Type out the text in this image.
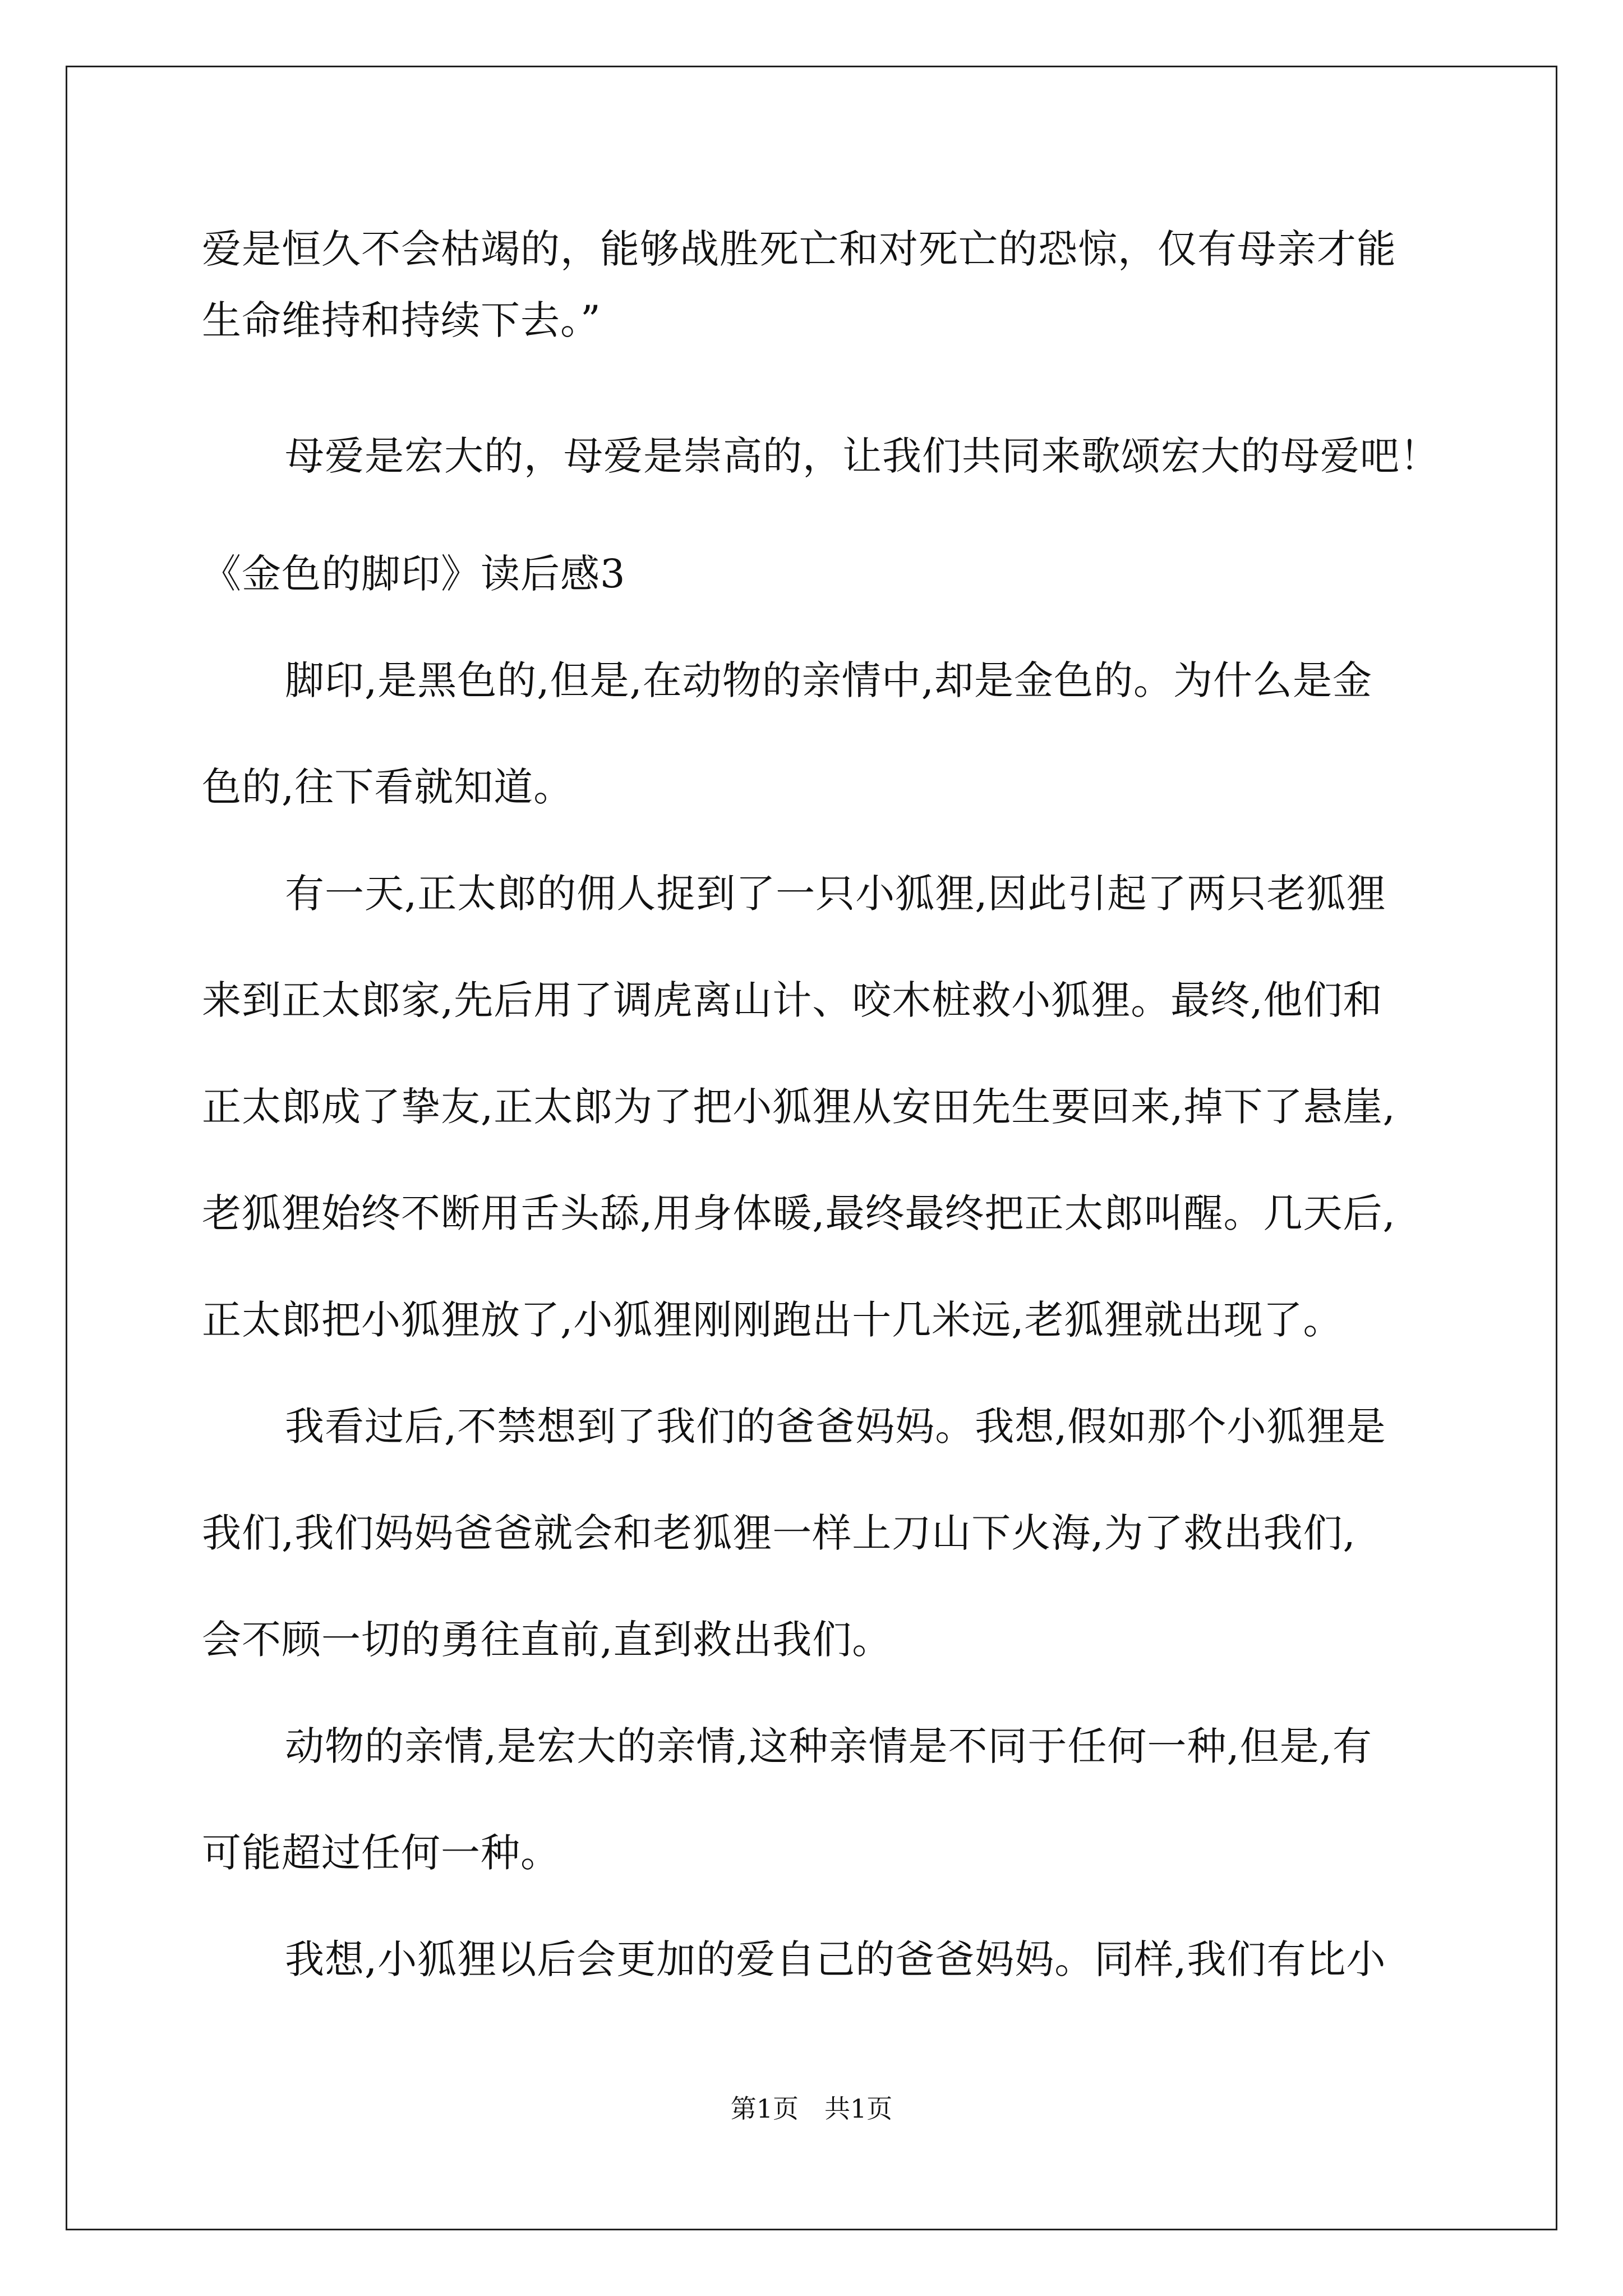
爱是恒久不会枯竭的，能够战胜死亡和对死亡的恐惊，仅有母亲才能

生命维持和持续下去。”

母爱是宏大的，母爱是崇高的，让我们共同来歌颂宏大的母爱吧！

《金色的脚印》读后感3

脚印,是黑色的,但是,在动物的亲情中,却是金色的。为什么是金

色的,往下看就知道。

有一天,正太郎的佣人捉到了一只小狐狸,因此引起了两只老狐狸

来到正太郎家,先后用了调虎离山计、咬木桩救小狐狸。最终,他们和

正太郎成了挚友,正太郎为了把小狐狸从安田先生要回来,掉下了悬崖,

老狐狸始终不断用舌头舔,用身体暖,最终最终把正太郎叫醒。几天后,

正太郎把小狐狸放了,小狐狸刚刚跑出十几米远,老狐狸就出现了。

我看过后,不禁想到了我们的爸爸妈妈。我想,假如那个小狐狸是

我们,我们妈妈爸爸就会和老狐狸一样上刀山下火海,为了救出我们,

会不顾一切的勇往直前,直到救出我们。

动物的亲情,是宏大的亲情,这种亲情是不同于任何一种,但是,有

可能超过任何一种。

我想,小狐狸以后会更加的爱自己的爸爸妈妈。同样,我们有比小

第1页　共1页
